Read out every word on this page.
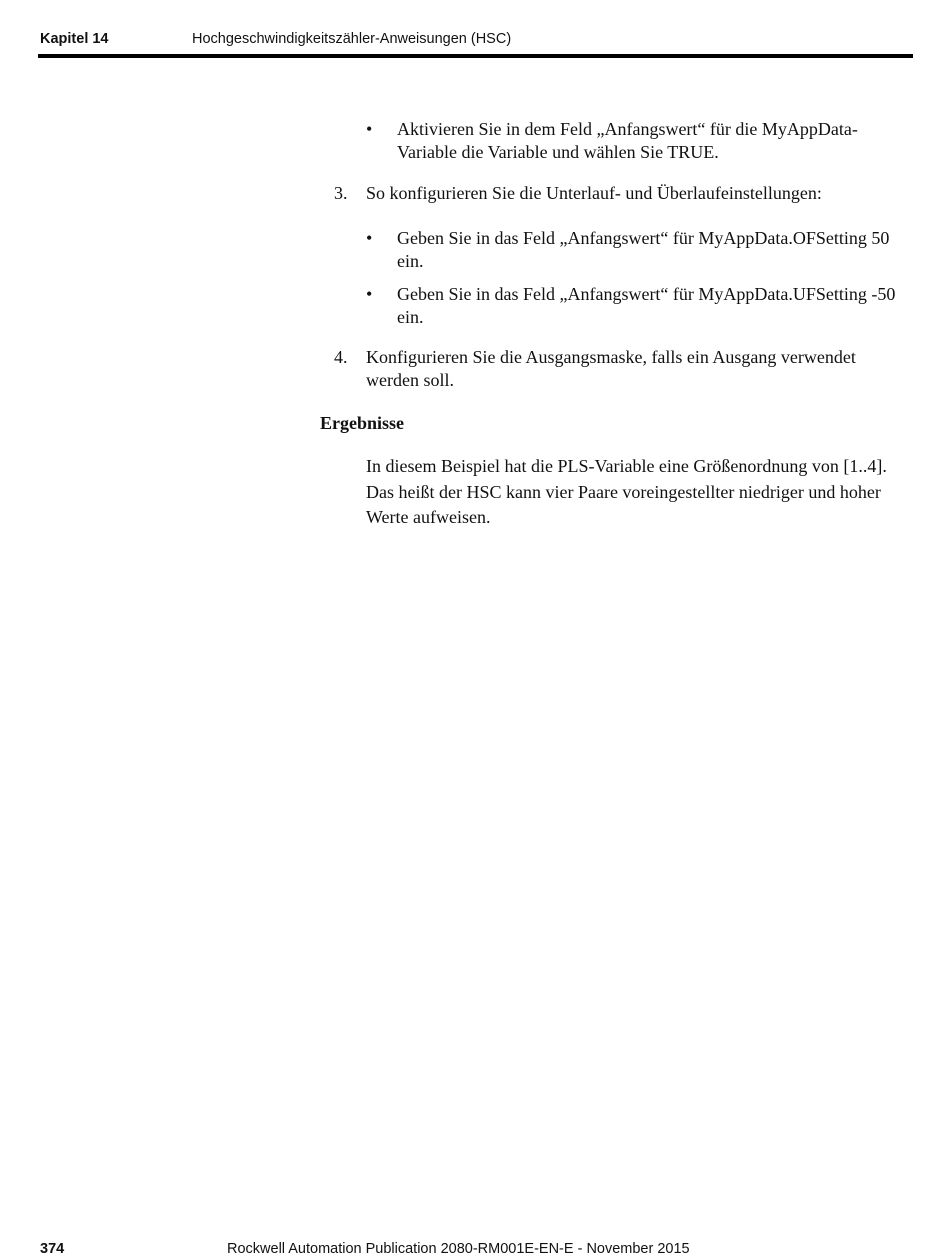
Kapitel 14	Hochgeschwindigkeitszähler-Anweisungen (HSC)
•	Aktivieren Sie in dem Feld „Anfangswert“ für die MyAppData-Variable die Variable und wählen Sie TRUE.
3. So konfigurieren Sie die Unterlauf- und Überlaufeinstellungen:
•	Geben Sie in das Feld „Anfangswert“ für MyAppData.OFSetting 50 ein.
•	Geben Sie in das Feld „Anfangswert“ für MyAppData.UFSetting -50 ein.
4. Konfigurieren Sie die Ausgangsmaske, falls ein Ausgang verwendet werden soll.
Ergebnisse
In diesem Beispiel hat die PLS-Variable eine Größenordnung von [1..4]. Das heißt der HSC kann vier Paare voreingestellter niedriger und hoher Werte aufweisen.
374	Rockwell Automation Publication 2080-RM001E-EN-E - November 2015
